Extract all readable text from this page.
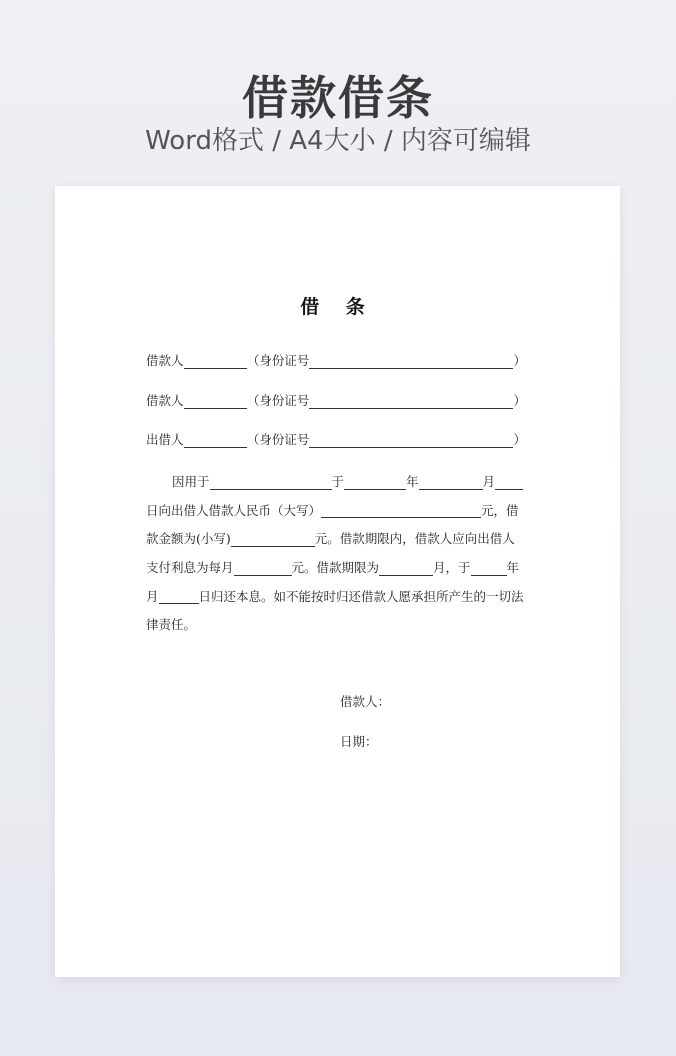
借款借条
Word格式 / A4大小 / 内容可编辑
借 条
借款人	（身份证号	）
借款人	（身份证号	）
出借人	（身份证号	）
因用于	于	年	月
日向出借人借款人民币（大写）	元，借
款金额为(小写)	元。借款期限内，借款人应向出借人
支付利息为每月	元。借款期限为	月，于	年
月	日归还本息。如不能按时归还借款人愿承担所产生的一切法
律责任。
借款人：
日期：
